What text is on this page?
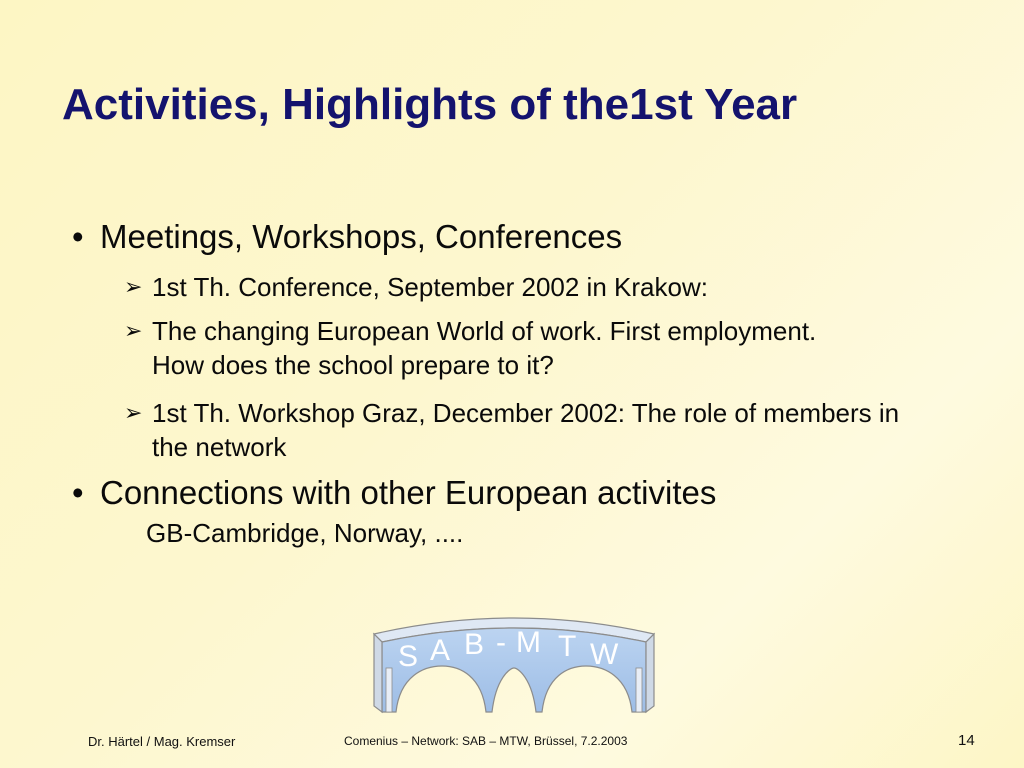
Activities, Highlights of the1st Year
• Meetings, Workshops, Conferences
➢ 1st Th. Conference, September 2002 in Krakow:
➢ The changing European World of work. First employment. How does the school prepare to it?
➢ 1st Th. Workshop Graz, December 2002: The role of members in the network
• Connections with other European activites
GB-Cambridge, Norway, ....
S A B - M T W
Dr. Härtel / Mag. Kremser	Comenius – Network: SAB – MTW, Brüssel, 7.2.2003	14
